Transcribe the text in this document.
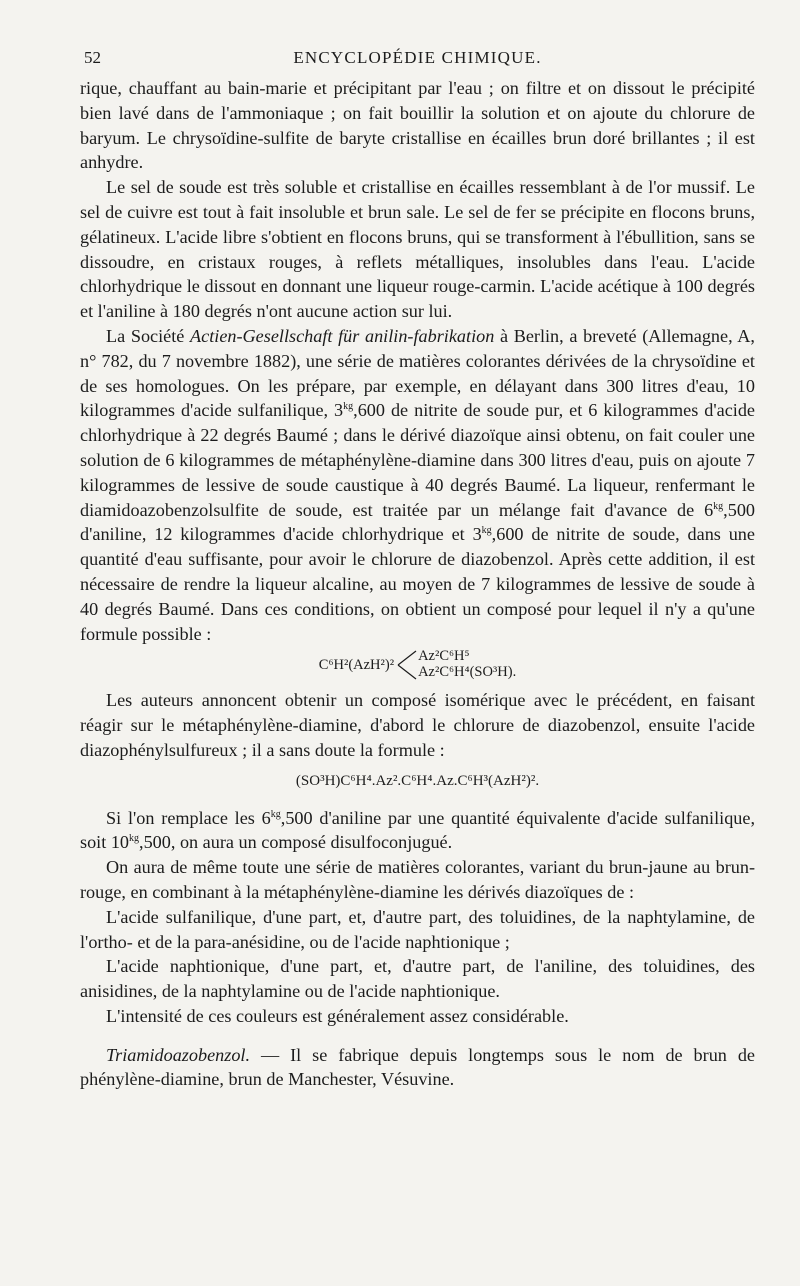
52	ENCYCLOPÉDIE CHIMIQUE.

rique, chauffant au bain-marie et précipitant par l'eau ; on filtre et on dissout le précipité bien lavé dans de l'ammoniaque ; on fait bouillir la solution et on ajoute du chlorure de baryum. Le chrysoïdine-sulfite de baryte cristallise en écailles brun doré brillantes ; il est anhydre.

Le sel de soude est très soluble et cristallise en écailles ressemblant à de l'or mussif. Le sel de cuivre est tout à fait insoluble et brun sale. Le sel de fer se précipite en flocons bruns, gélatineux. L'acide libre s'obtient en flocons bruns, qui se transforment à l'ébullition, sans se dissoudre, en cristaux rouges, à reflets métalliques, insolubles dans l'eau. L'acide chlorhydrique le dissout en donnant une liqueur rouge-carmin. L'acide acétique à 100 degrés et l'aniline à 180 degrés n'ont aucune action sur lui.

La Société Actien-Gesellschaft für anilin-fabrikation à Berlin, a breveté (Allemagne, A, n° 782, du 7 novembre 1882), une série de matières colorantes dérivées de la chrysoïdine et de ses homologues. On les prépare, par exemple, en délayant dans 300 litres d'eau, 10 kilogrammes d'acide sulfanilique, $3^{kg},600$ de nitrite de soude pur, et 6 kilogrammes d'acide chlorhydrique à 22 degrés Baumé ; dans le dérivé diazoïque ainsi obtenu, on fait couler une solution de 6 kilogrammes de métaphénylène-diamine dans 300 litres d'eau, puis on ajoute 7 kilogrammes de lessive de soude caustique à 40 degrés Baumé. La liqueur, renfermant le diamidoazobenzolsulfite de soude, est traitée par un mélange fait d'avance de $6^{kg},500$ d'aniline, 12 kilogrammes d'acide chlorhydrique et $3^{kg},600$ de nitrite de soude, dans une quantité d'eau suffisante, pour avoir le chlorure de diazobenzol. Après cette addition, il est nécessaire de rendre la liqueur alcaline, au moyen de 7 kilogrammes de lessive de soude à 40 degrés Baumé. Dans ces conditions, on obtient un composé pour lequel il n'y a qu'une formule possible :

C⁶H²(AzH²)²
Az²C⁶H⁵
Az²C⁶H⁴(SO³H).

Les auteurs annoncent obtenir un composé isomérique avec le précédent, en faisant réagir sur le métaphénylène-diamine, d'abord le chlorure de diazobenzol, ensuite l'acide diazophénylsulfureux ; il a sans doute la formule :

(SO³H)C⁶H⁴.Az².C⁶H⁴.Az.C⁶H³(AzH²)².

Si l'on remplace les $6^{kg},500$ d'aniline par une quantité équivalente d'acide sulfanilique, soit $10^{kg},500$, on aura un composé disulfoconjugué.

On aura de même toute une série de matières colorantes, variant du brun-jaune au brun-rouge, en combinant à la métaphénylène-diamine les dérivés diazoïques de :

L'acide sulfanilique, d'une part, et, d'autre part, des toluidines, de la naphtylamine, de l'ortho- et de la para-anésidine, ou de l'acide naphtionique ;

L'acide naphtionique, d'une part, et, d'autre part, de l'aniline, des toluidines, des anisidines, de la naphtylamine ou de l'acide naphtionique.

L'intensité de ces couleurs est généralement assez considérable.

Triamidoazobenzol. — Il se fabrique depuis longtemps sous le nom de brun de phénylène-diamine, brun de Manchester, Vésuvine.
